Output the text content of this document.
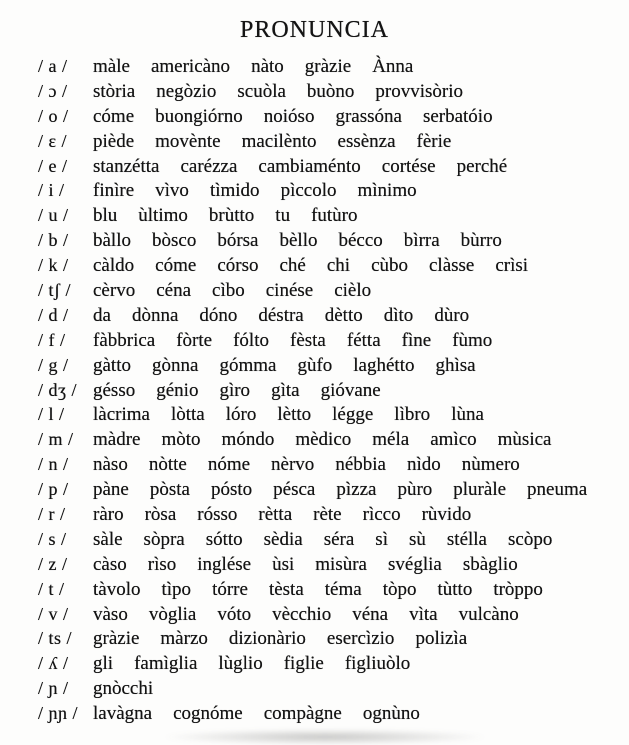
PRONUNCIA
/ a /	màle americàno nàto gràzie Ànna
/ ɔ /	stòria negòzio scuòla buòno provvisòrio
/ o /	cóme buongiórno noióso grassóna serbatóio
/ ɛ /	piède movènte macilènto essènza fèrie
/ e /	stanzétta carézza cambiaménto cortése perché
/ i /	finìre vìvo tìmido pìccolo mìnimo
/ u /	blu ùltimo brùtto tu futùro
/ b /	bàllo bòsco bórsa bèllo bécco bìrra bùrro
/ k /	càldo cóme córso ché chi cùbo clàsse crìsi
/ tʃ /	cèrvo céna cìbo cinése cièlo
/ d /	da dònna dóno déstra dètto dìto dùro
/ f /	fàbbrica fòrte fólto fèsta fétta fìne fùmo
/ g /	gàtto gònna gómma gùfo laghétto ghìsa
/ dʒ / gésso génio gìro gìta gióvane
/ l /	làcrima lòtta lóro lètto légge lìbro lùna
/ m /	màdre mòto móndo mèdico méla amìco mùsica
/ n /	nàso nòtte nóme nèrvo nébbia nìdo nùmero
/ p /	pàne pòsta pósto pésca pìzza pùro pluràle pneuma
/ r /	ràro ròsa rósso rètta rète rìcco rùvido
/ s /	sàle sòpra sótto sèdia séra sì sù stélla scòpo
/ z /	càso rìso inglése ùsi misùra svéglia sbàglio
/ t /	tàvolo tìpo tórre tèsta téma tòpo tùtto tròppo
/ v /	vàso vòglia vóto vècchio véna vìta vulcàno
/ ts /	gràzie màrzo dizionàrio esercìzio polizìa
/ ʎ /	gli famìglia lùglio figlie figliuòlo
/ ɲ /	gnòcchi
/ ɲɲ / lavàgna cognóme compàgne ognùno
